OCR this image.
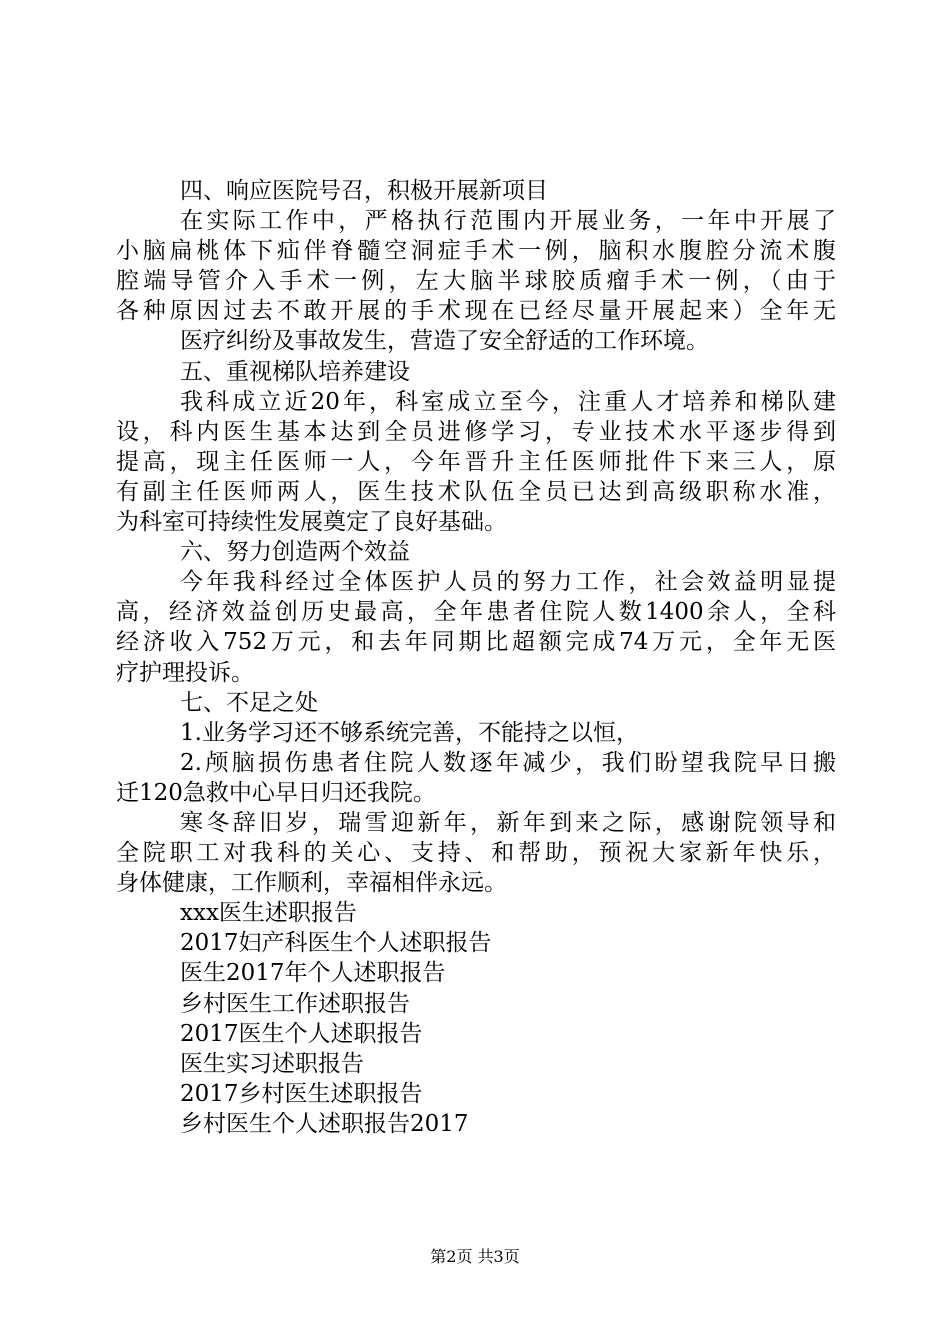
四、响应医院号召，积极开展新项目
在实际工作中，严格执行范围内开展业务，一年中开展了
小脑扁桃体下疝伴脊髓空洞症手术一例，脑积水腹腔分流术腹
腔端导管介入手术一例，左大脑半球胶质瘤手术一例，（由于
各种原因过去不敢开展的手术现在已经尽量开展起来）全年无
医疗纠纷及事故发生，营造了安全舒适的工作环境。
五、重视梯队培养建设
我科成立近20年，科室成立至今，注重人才培养和梯队建
设，科内医生基本达到全员进修学习，专业技术水平逐步得到
提高，现主任医师一人，今年晋升主任医师批件下来三人，原
有副主任医师两人，医生技术队伍全员已达到高级职称水准，
为科室可持续性发展奠定了良好基础。
六、努力创造两个效益
今年我科经过全体医护人员的努力工作，社会效益明显提
高，经济效益创历史最高，全年患者住院人数1400余人，全科
经济收入752万元，和去年同期比超额完成74万元，全年无医
疗护理投诉。
七、不足之处
1.业务学习还不够系统完善，不能持之以恒，
2.颅脑损伤患者住院人数逐年减少，我们盼望我院早日搬
迁120急救中心早日归还我院。
寒冬辞旧岁，瑞雪迎新年，新年到来之际，感谢院领导和
全院职工对我科的关心、支持、和帮助，预祝大家新年快乐，
身体健康，工作顺利，幸福相伴永远。
xxx医生述职报告
2017妇产科医生个人述职报告
医生2017年个人述职报告
乡村医生工作述职报告
2017医生个人述职报告
医生实习述职报告
2017乡村医生述职报告
乡村医生个人述职报告2017
第2页 共3页
